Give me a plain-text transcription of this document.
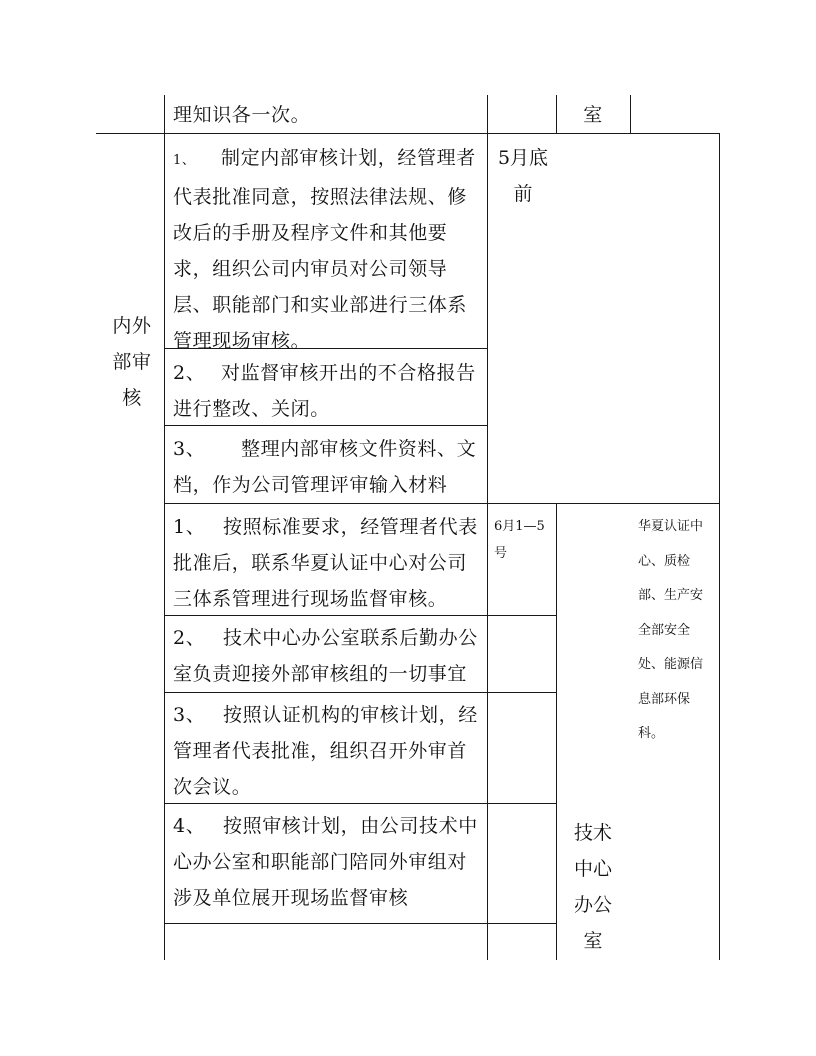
理知识各一次。	室
内外
部审
核
5月底
前
1、 制定内部审核计划，经管理者
代表批准同意，按照法律法规、修
改后的手册及程序文件和其他要
求，组织公司内审员对公司领导
层、职能部门和实业部进行三体系
管理现场审核。
2、 对监督审核开出的不合格报告
进行整改、关闭。
3、 整理内部审核文件资料、文
档，作为公司管理评审输入材料
6月1—5
号
华夏认证中
心、质检
部、生产安
全部安全
处、能源信
息部环保
科。
技术
中心
办公
室
1、 按照标准要求，经管理者代表
批准后，联系华夏认证中心对公司
三体系管理进行现场监督审核。
2、 技术中心办公室联系后勤办公
室负责迎接外部审核组的一切事宜
3、 按照认证机构的审核计划，经
管理者代表批准，组织召开外审首
次会议。
4、 按照审核计划，由公司技术中
心办公室和职能部门陪同外审组对
涉及单位展开现场监督审核
